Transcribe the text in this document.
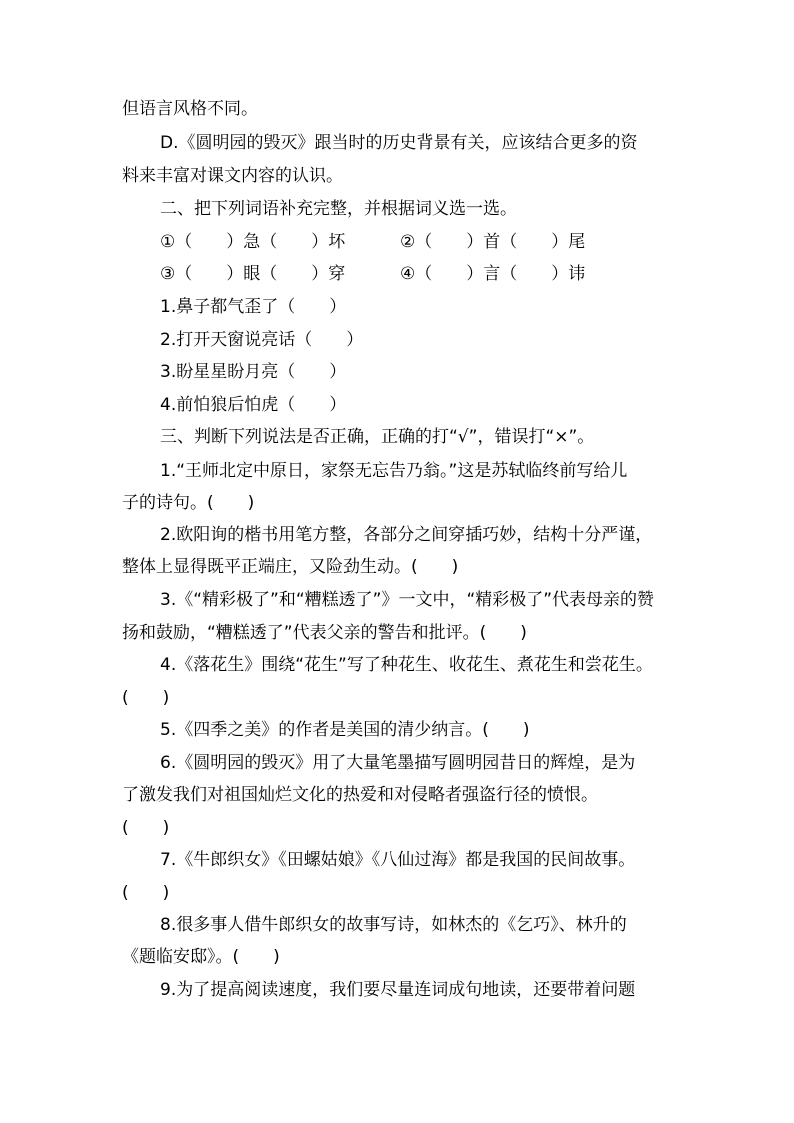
但语言风格不同。
D.《圆明园的毁灭》跟当时的历史背景有关，应该结合更多的资
料来丰富对课文内容的认识。
二、把下列词语补充完整，并根据词义选一选。
①（　　）急（　　）坏	②（　　）首（　　）尾
③（　　）眼（　　）穿	④（　　）言（　　）讳
1.鼻子都气歪了（　　）
2.打开天窗说亮话（　　）
3.盼星星盼月亮（　　）
4.前怕狼后怕虎（　　）
三、判断下列说法是否正确，正确的打“√”，错误打“×”。
1.“王师北定中原日，家祭无忘告乃翁。”这是苏轼临终前写给儿
子的诗句。(　　)
2.欧阳询的楷书用笔方整，各部分之间穿插巧妙，结构十分严谨，
整体上显得既平正端庄，又险劲生动。(　　)
3.《“精彩极了”和“糟糕透了”》一文中，“精彩极了”代表母亲的赞
扬和鼓励，“糟糕透了”代表父亲的警告和批评。(　　)
4.《落花生》围绕“花生”写了种花生、收花生、煮花生和尝花生。
(　　)
5.《四季之美》的作者是美国的清少纳言。(　　)
6.《圆明园的毁灭》用了大量笔墨描写圆明园昔日的辉煌，是为
了激发我们对祖国灿烂文化的热爱和对侵略者强盗行径的愤恨。
(　　)
7.《牛郎织女》《田螺姑娘》《八仙过海》都是我国的民间故事。
(　　)
8.很多事人借牛郎织女的故事写诗，如林杰的《乞巧》、林升的
《题临安邸》。(　　)
9.为了提高阅读速度，我们要尽量连词成句地读，还要带着问题
